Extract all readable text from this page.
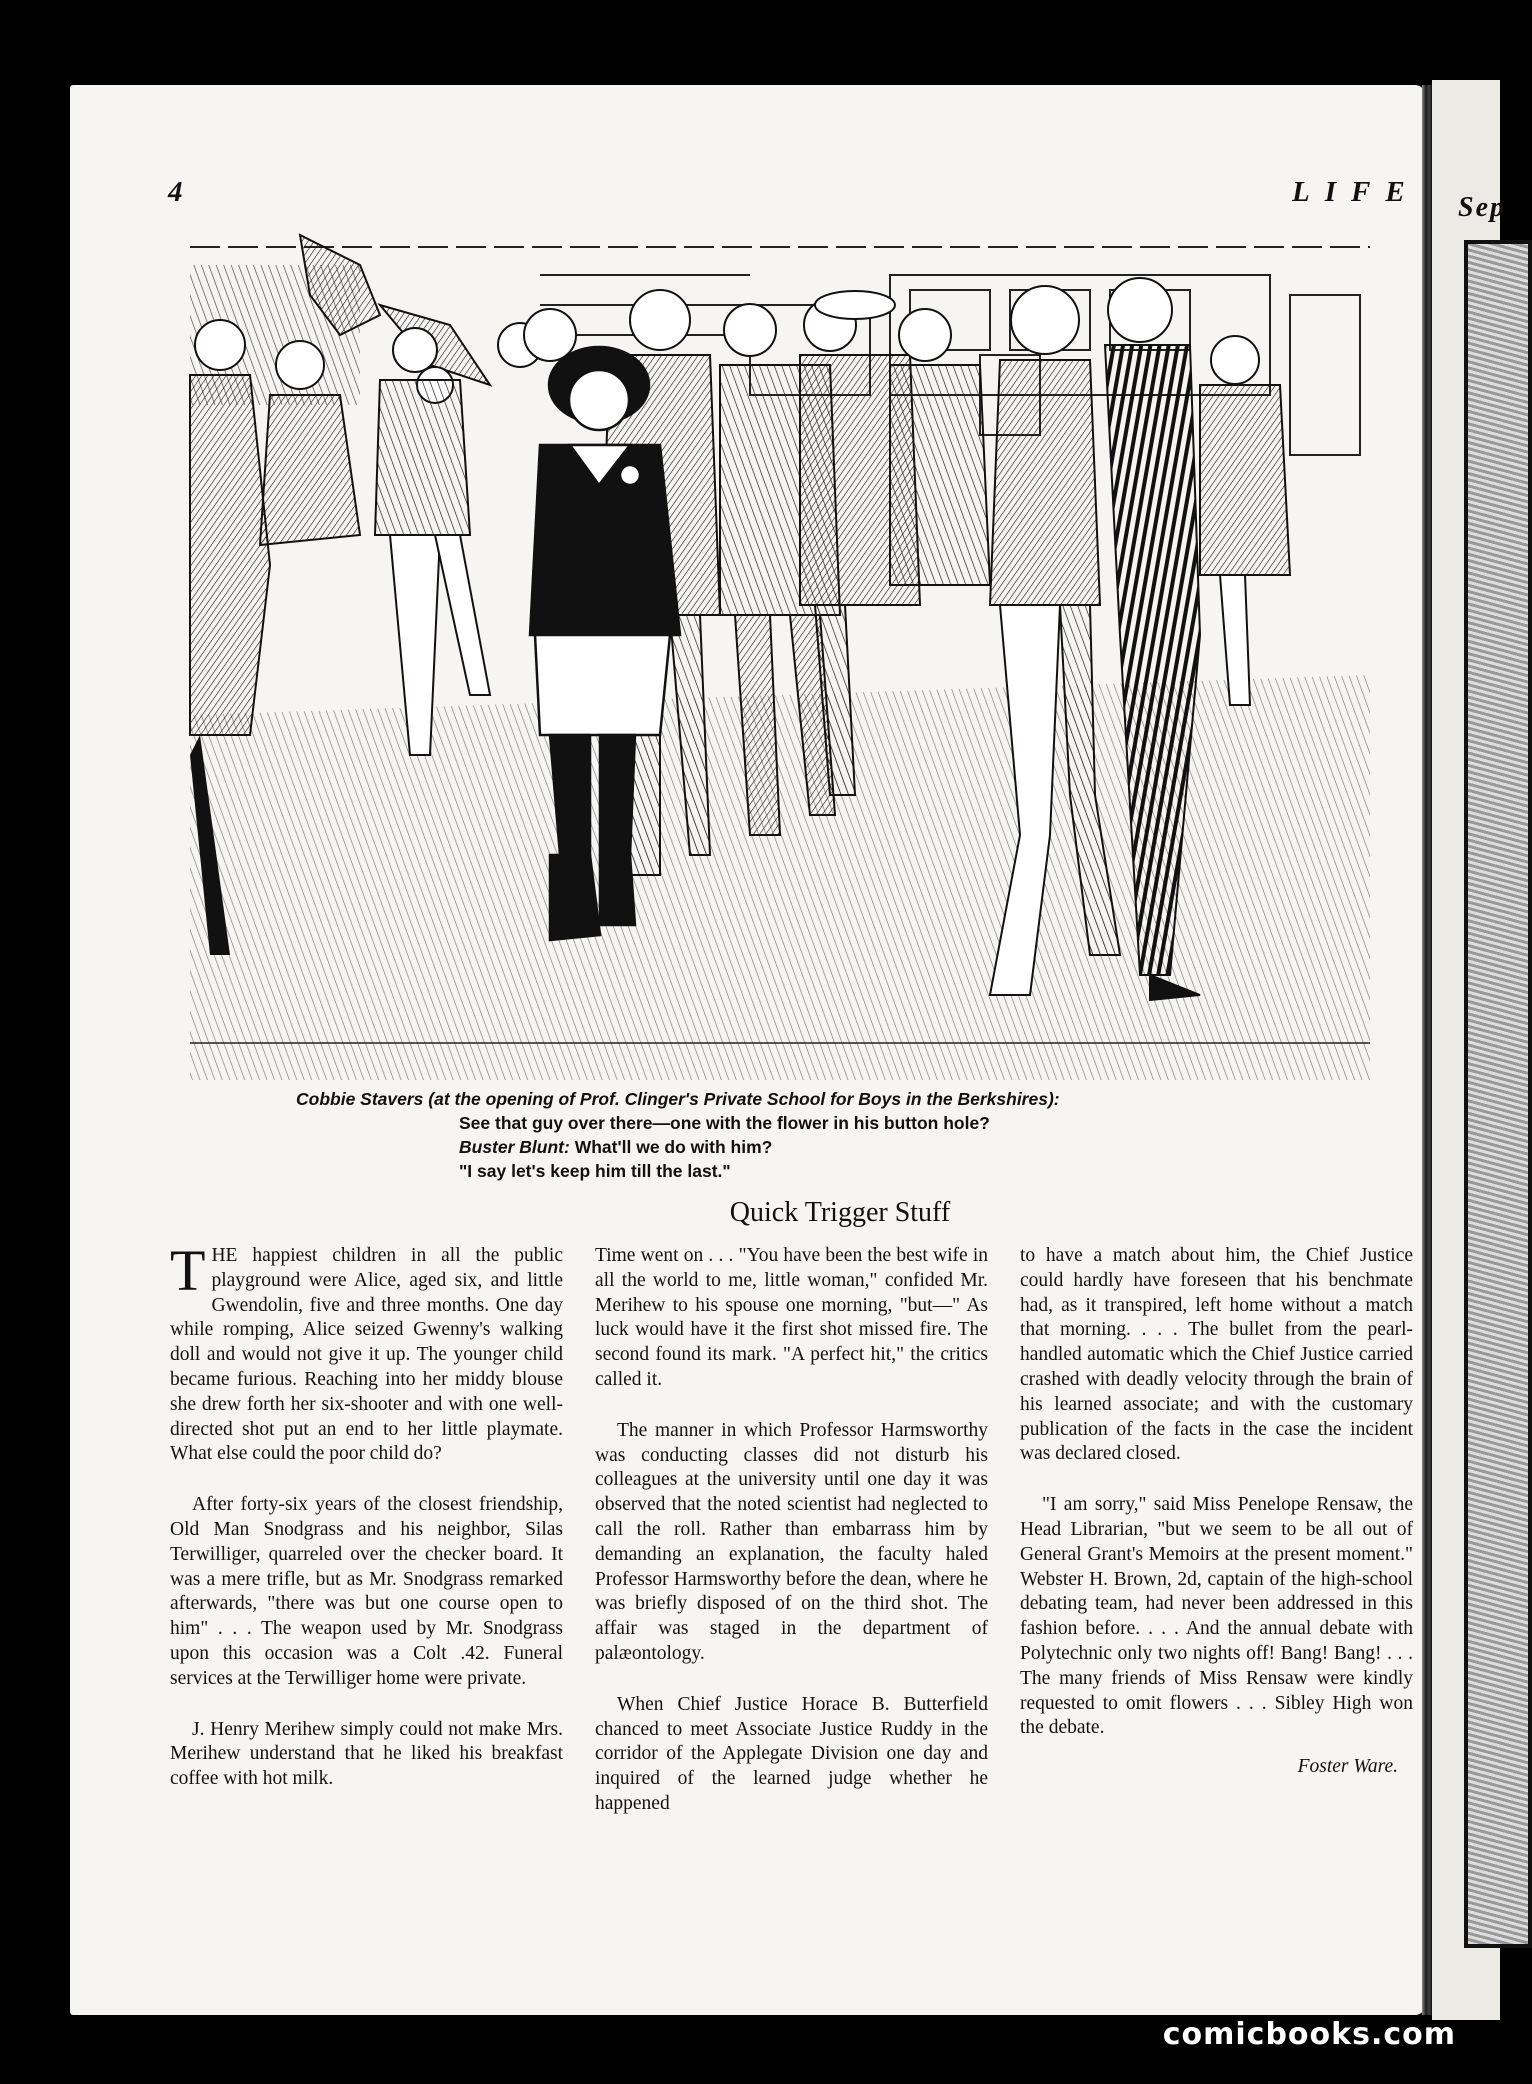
Sep
4	LIFE
Cobbie Stavers (at the opening of Prof. Clinger's Private School for Boys in the Berkshires):
See that guy over there—one with the flower in his button hole?
Buster Blunt: What'll we do with him?
"I say let's keep him till the last."
Quick Trigger Stuff

THE happiest children in all the public playground were Alice, aged six, and little Gwendolin, five and three months. One day while romping, Alice seized Gwenny's walking doll and would not give it up. The younger child became furious. Reaching into her middy blouse she drew forth her six-shooter and with one well-directed shot put an end to her little playmate. What else could the poor child do?

After forty-six years of the closest friendship, Old Man Snodgrass and his neighbor, Silas Terwilliger, quarreled over the checker board. It was a mere trifle, but as Mr. Snodgrass remarked afterwards, "there was but one course open to him" . . . The weapon used by Mr. Snodgrass upon this occasion was a Colt .42. Funeral services at the Terwilliger home were private.

J. Henry Merihew simply could not make Mrs. Merihew understand that he liked his breakfast coffee with hot milk.

Time went on . . . "You have been the best wife in all the world to me, little woman," confided Mr. Merihew to his spouse one morning, "but—" As luck would have it the first shot missed fire. The second found its mark. "A perfect hit," the critics called it.

The manner in which Professor Harmsworthy was conducting classes did not disturb his colleagues at the university until one day it was observed that the noted scientist had neglected to call the roll. Rather than embarrass him by demanding an explanation, the faculty haled Professor Harmsworthy before the dean, where he was briefly disposed of on the third shot. The affair was staged in the department of palæontology.

When Chief Justice Horace B. Butterfield chanced to meet Associate Justice Ruddy in the corridor of the Applegate Division one day and inquired of the learned judge whether he happened

to have a match about him, the Chief Justice could hardly have foreseen that his benchmate had, as it transpired, left home without a match that morning. . . . The bullet from the pearl-handled automatic which the Chief Justice carried crashed with deadly velocity through the brain of his learned associate; and with the customary publication of the facts in the case the incident was declared closed.

"I am sorry," said Miss Penelope Rensaw, the Head Librarian, "but we seem to be all out of General Grant's Memoirs at the present moment." Webster H. Brown, 2d, captain of the high-school debating team, had never been addressed in this fashion before. . . . And the annual debate with Polytechnic only two nights off! Bang! Bang! . . . The many friends of Miss Rensaw were kindly requested to omit flowers . . . Sibley High won the debate.

Foster Ware.
comicbooks.com
